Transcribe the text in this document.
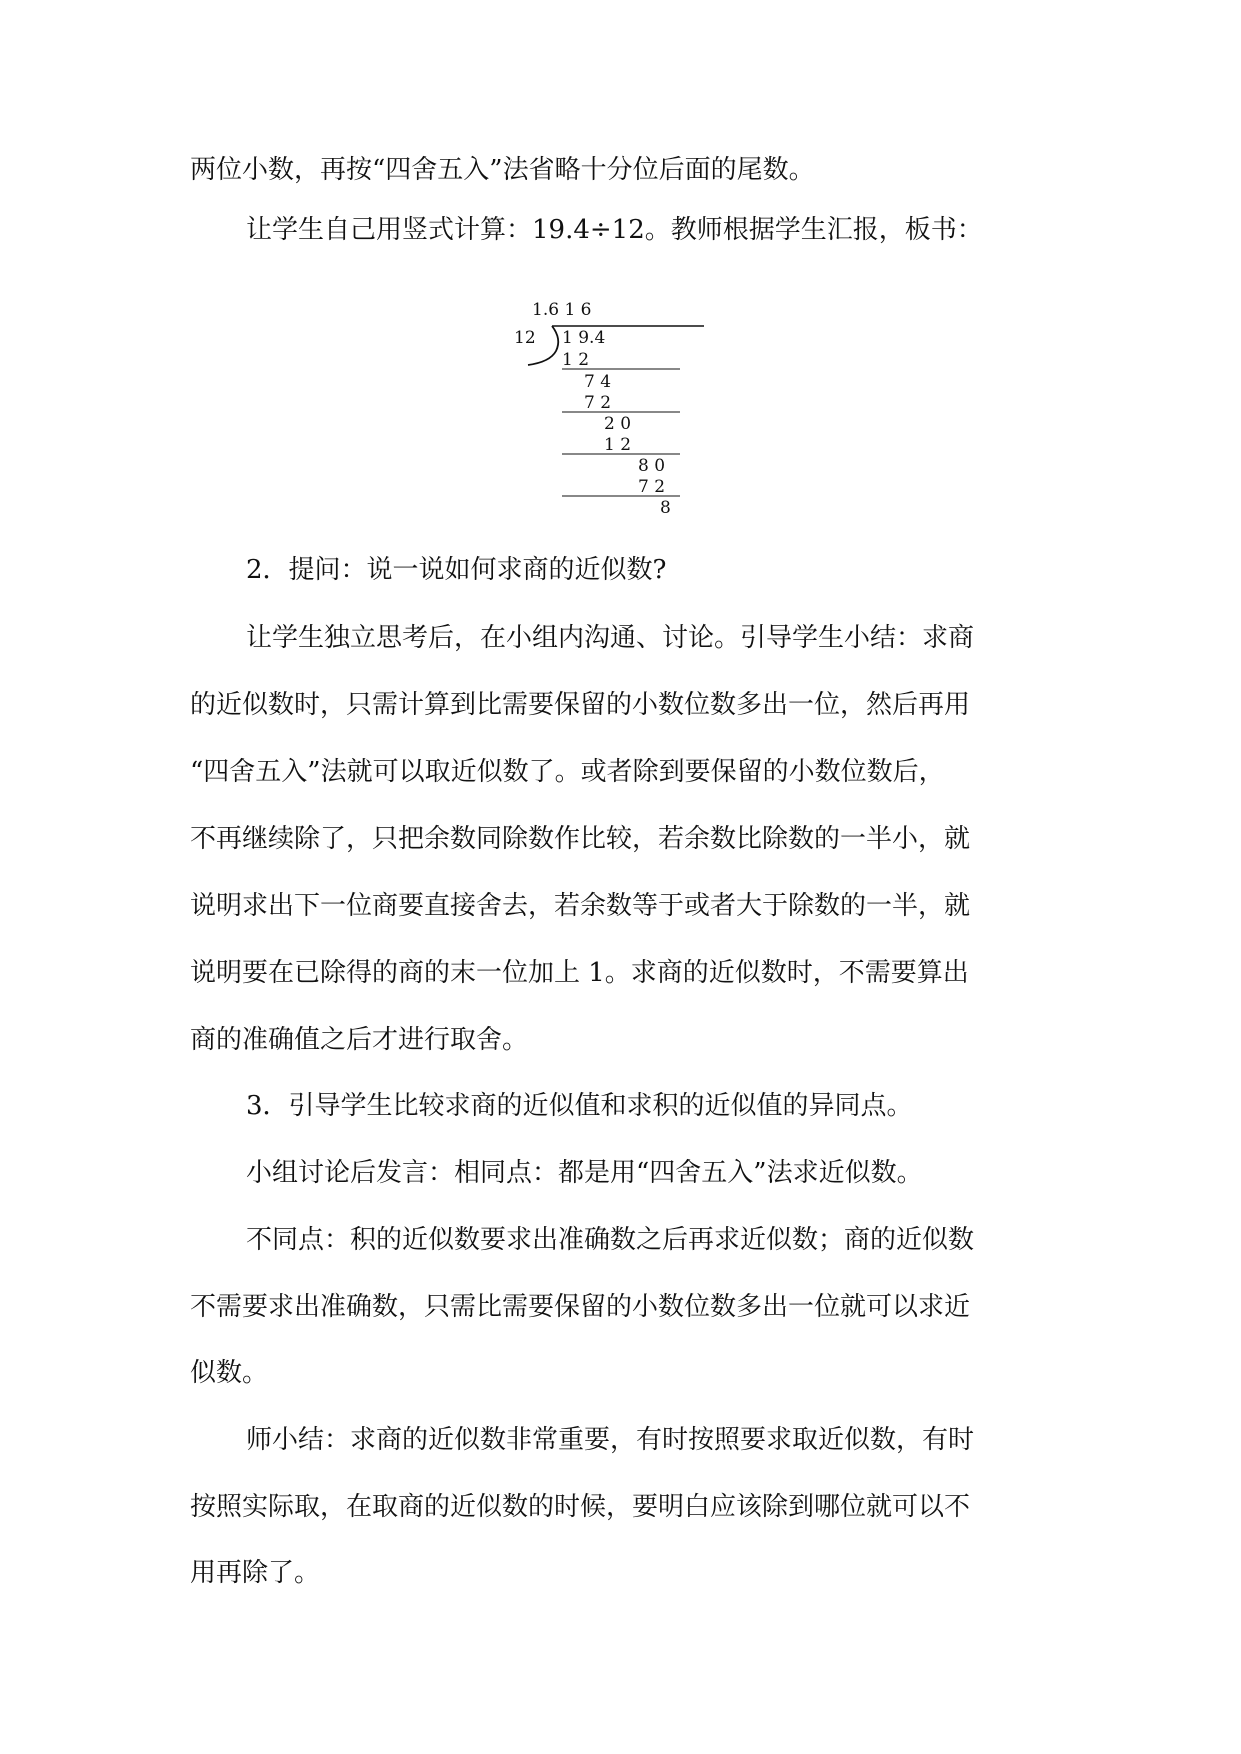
两位小数，再按“四舍五入”法省略十分位后面的尾数。
让学生自己用竖式计算：19.4÷12。教师根据学生汇报，板书：
1.6 1 6
12 1 9.4
1 2
7 4
7 2
2 0
1 2
8 0
7 2
8
2．提问：说一说如何求商的近似数?
让学生独立思考后，在小组内沟通、讨论。引导学生小结：求商
的近似数时，只需计算到比需要保留的小数位数多出一位，然后再用
“四舍五入”法就可以取近似数了。或者除到要保留的小数位数后，
不再继续除了，只把余数同除数作比较，若余数比除数的一半小，就
说明求出下一位商要直接舍去，若余数等于或者大于除数的一半，就
说明要在已除得的商的末一位加上 1。求商的近似数时，不需要算出
商的准确值之后才进行取舍。
3．引导学生比较求商的近似值和求积的近似值的异同点。
小组讨论后发言：相同点：都是用“四舍五入”法求近似数。
不同点：积的近似数要求出准确数之后再求近似数；商的近似数
不需要求出准确数，只需比需要保留的小数位数多出一位就可以求近
似数。
师小结：求商的近似数非常重要，有时按照要求取近似数，有时
按照实际取，在取商的近似数的时候，要明白应该除到哪位就可以不
用再除了。
